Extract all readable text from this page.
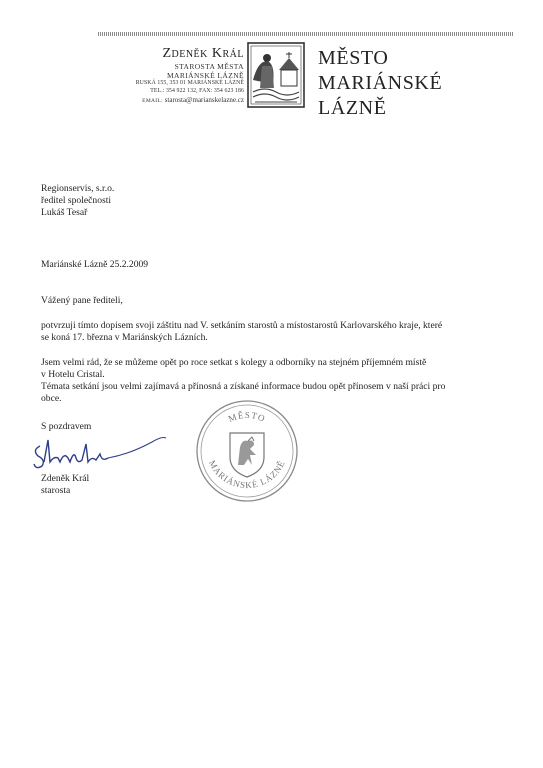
Zdeněk Král
STAROSTA MĚSTA
MARIÁNSKÉ LÁZNĚ
RUSKÁ 155, 353 01 MARIÁNSKÉ LÁZNĚ
TEL.: 354 922 132, FAX: 354 623 186
EMAIL: starosta@marianskelazne.cz
MĚSTO
MARIÁNSKÉ
LÁZNĚ
Regionservis, s.r.o.
ředitel společnosti
Lukáš Tesař
Mariánské Lázně 25.2.2009
Vážený pane řediteli,
potvrzuji tímto dopisem svoji záštitu nad V. setkáním starostů a místostarostů Karlovarského kraje, které
se koná 17. března v Mariánských Lázních.
Jsem velmi rád, že se můžeme opět po roce setkat s kolegy a odborníky na stejném příjemném místě
v Hotelu Cristal.
Témata setkání jsou velmi zajímavá a přínosná a získané informace budou opět přínosem v naší práci pro
obce.
S pozdravem
Zdeněk Král
starosta
MĚSTO
MARIÁNSKÉ LÁZNĚ
